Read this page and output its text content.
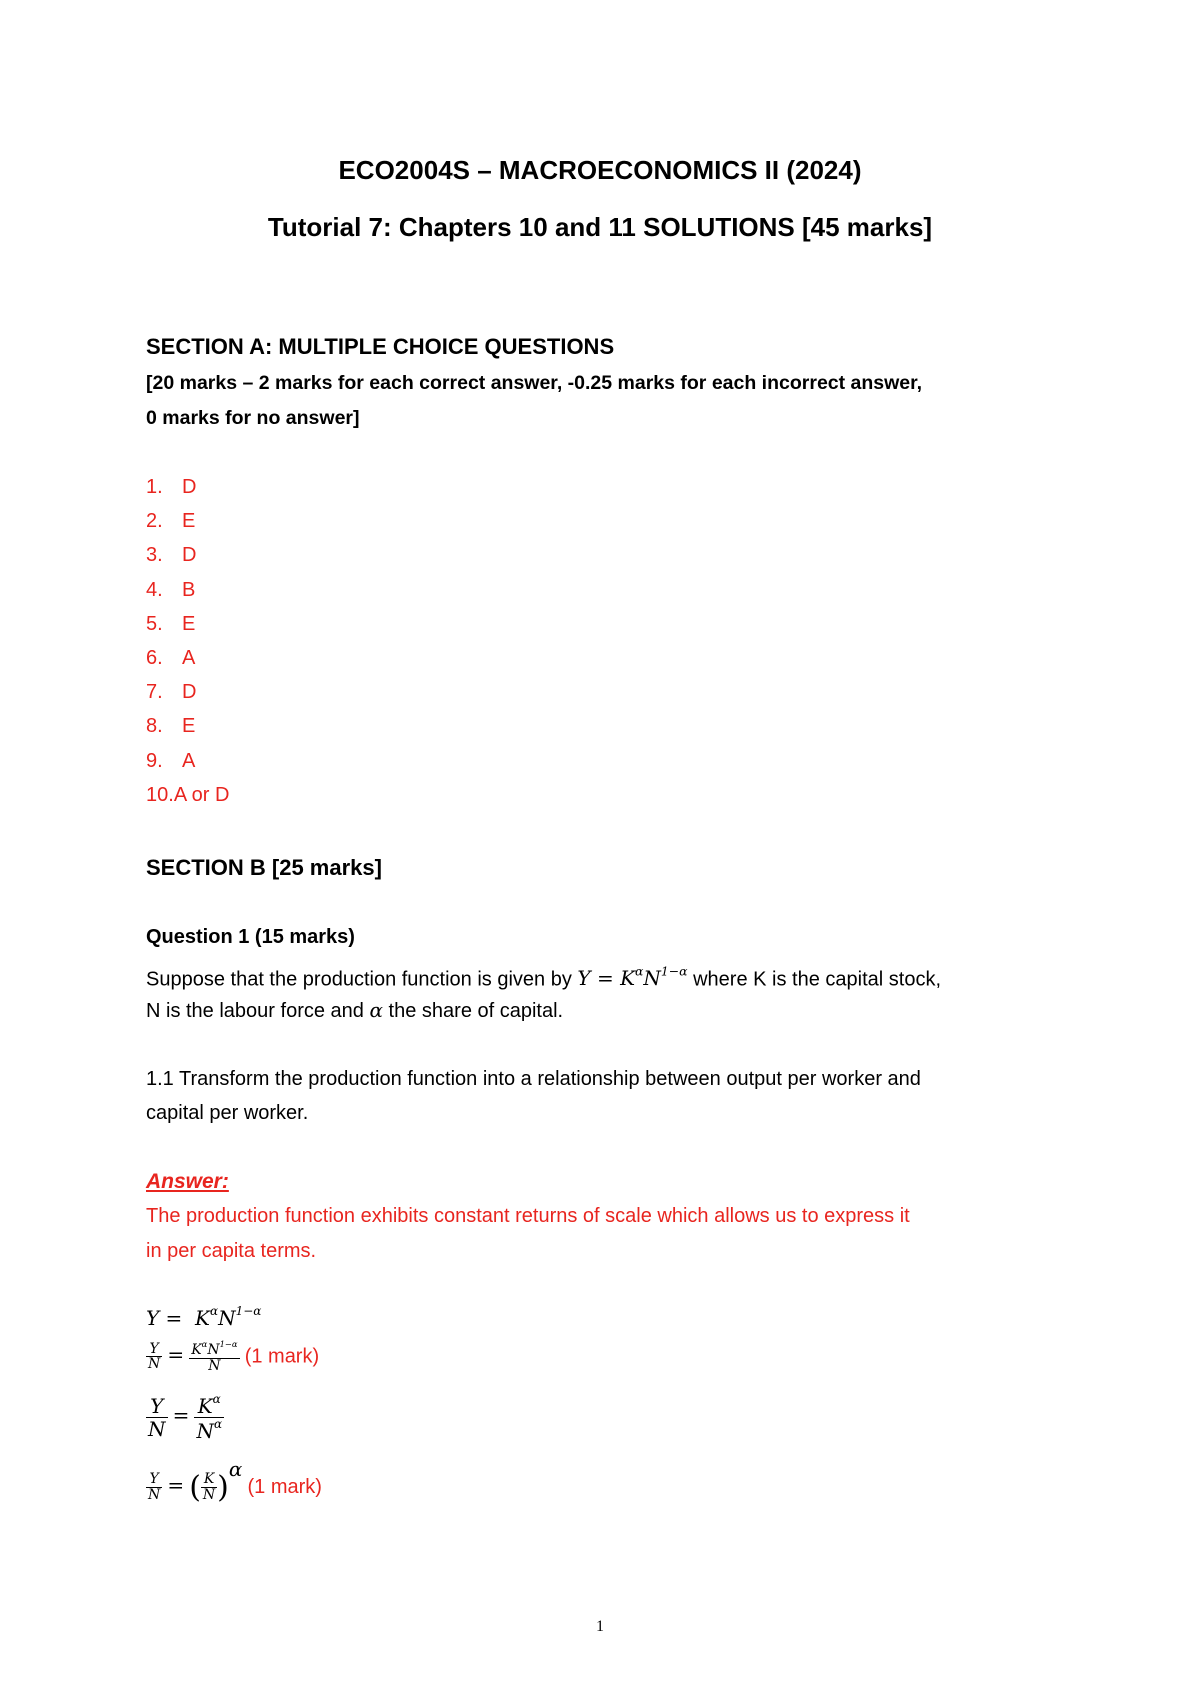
ECO2004S – MACROECONOMICS II (2024)
Tutorial 7: Chapters 10 and 11 SOLUTIONS [45 marks]
SECTION A: MULTIPLE CHOICE QUESTIONS
[20 marks – 2 marks for each correct answer, -0.25 marks for each incorrect answer,
0 marks for no answer]
1. D
2. E
3. D
4. B
5. E
6. A
7. D
8. E
9. A
10.A or D
SECTION B [25 marks]
Question 1 (15 marks)
Suppose that the production function is given by $Y = K^\alpha N^{1-\alpha}$ where K is the capital stock,
N is the labour force and α the share of capital.
1.1 Transform the production function into a relationship between output per worker and
capital per worker.
Answer:
The production function exhibits constant returns of scale which allows us to express it
in per capita terms.
$Y = K^\alpha N^{1-\alpha}$
$\frac{Y}{N} = \frac{K^\alpha N^{1-\alpha}}{N} (1$ mark)
$\frac{Y}{N} = \frac{K^\alpha}{N^\alpha}$
$\frac{Y}{N}$ = ( $\frac{K}{N} )\alpha$ (1 mark)
1
